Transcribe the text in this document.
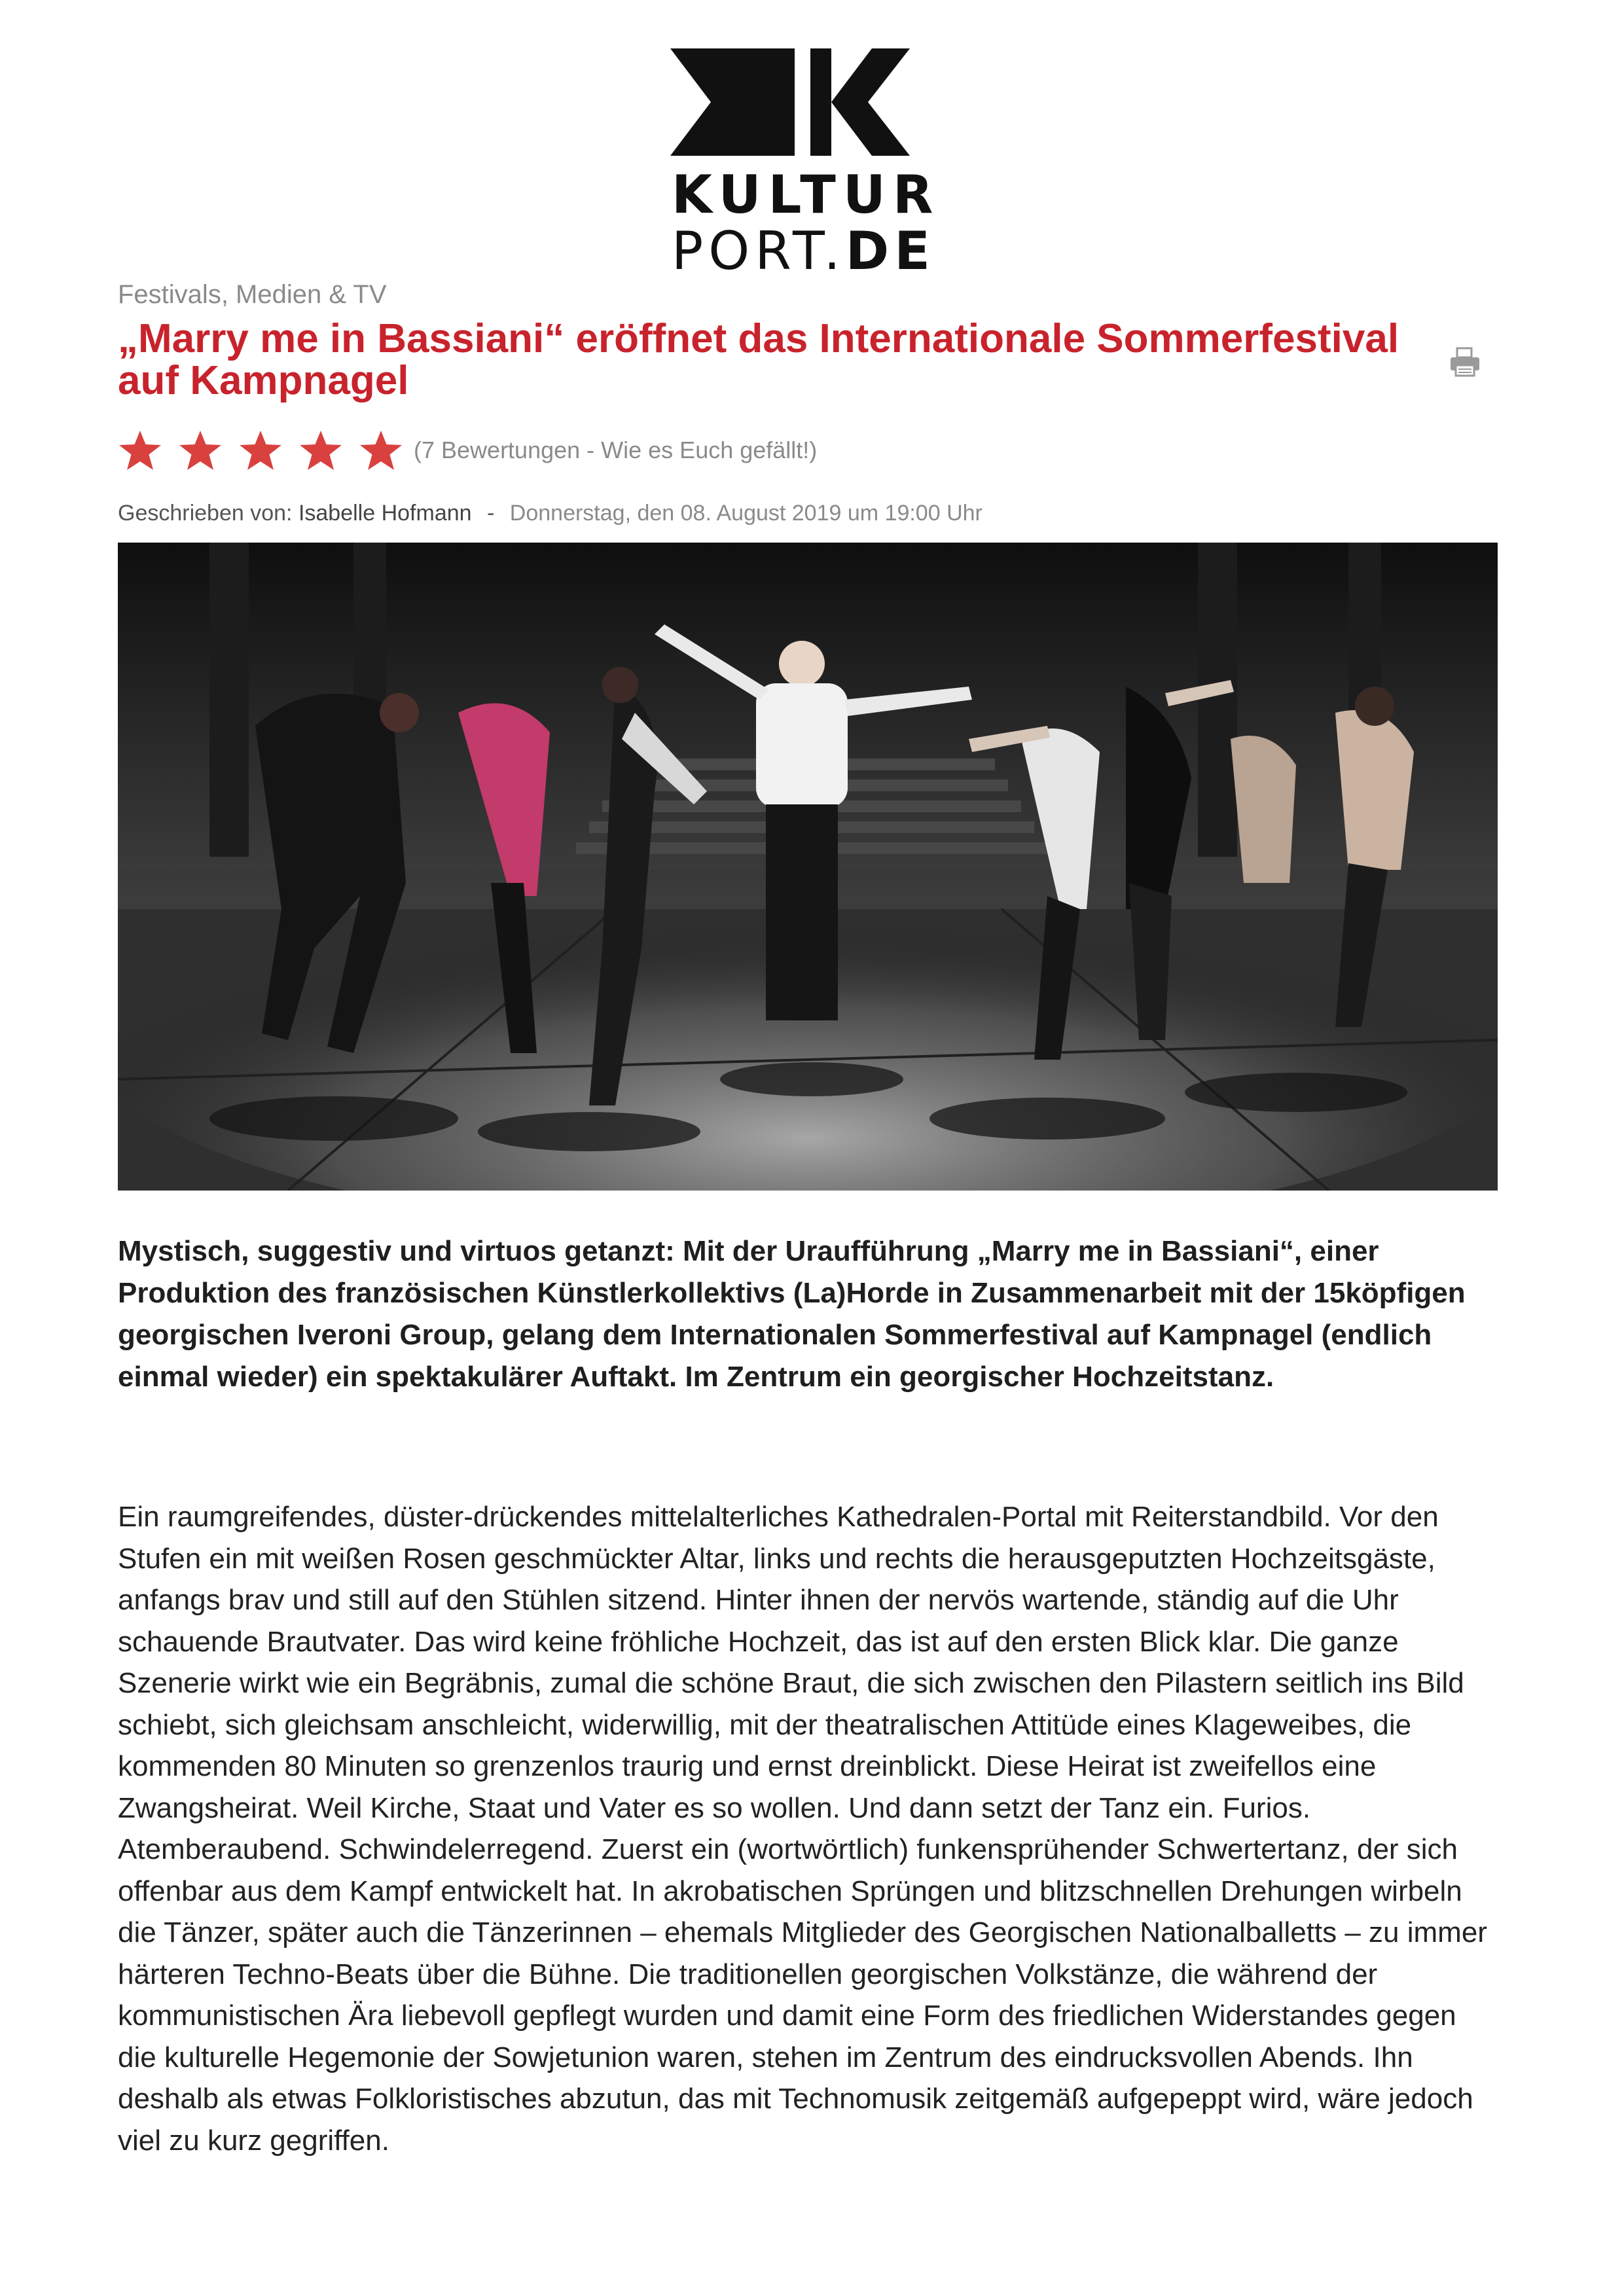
KULTUR
PORT.DE
Festivals, Medien & TV
„Marry me in Bassiani“ eröffnet das Internationale Sommerfestival auf Kampnagel
(7 Bewertungen - Wie es Euch gefällt!)
Geschrieben von: Isabelle Hofmann - Donnerstag, den 08. August 2019 um 19:00 Uhr

Mystisch, suggestiv und virtuos getanzt: Mit der Uraufführung „Marry me in Bassiani“, einer Produktion des französischen Künstlerkollektivs (La)Horde in Zusammenarbeit mit der 15köpfigen georgischen Iveroni Group, gelang dem Internationalen Sommerfestival auf Kampnagel (endlich einmal wieder) ein spektakulärer Auftakt. Im Zentrum ein georgischer Hochzeitstanz.

Ein raumgreifendes, düster-drückendes mittelalterliches Kathedralen-Portal mit Reiterstandbild. Vor den Stufen ein mit weißen Rosen geschmückter Altar, links und rechts die herausgeputzten Hochzeitsgäste, anfangs brav und still auf den Stühlen sitzend. Hinter ihnen der nervös wartende, ständig auf die Uhr schauende Brautvater. Das wird keine fröhliche Hochzeit, das ist auf den ersten Blick klar. Die ganze Szenerie wirkt wie ein Begräbnis, zumal die schöne Braut, die sich zwischen den Pilastern seitlich ins Bild schiebt, sich gleichsam anschleicht, widerwillig, mit der theatralischen Attitüde eines Klageweibes, die kommenden 80 Minuten so grenzenlos traurig und ernst dreinblickt. Diese Heirat ist zweifellos eine Zwangsheirat. Weil Kirche, Staat und Vater es so wollen. Und dann setzt der Tanz ein. Furios. Atemberaubend. Schwindelerregend. Zuerst ein (wortwörtlich) funkensprühender Schwertertanz, der sich offenbar aus dem Kampf entwickelt hat. In akrobatischen Sprüngen und blitzschnellen Drehungen wirbeln die Tänzer, später auch die Tänzerinnen – ehemals Mitglieder des Georgischen Nationalballetts – zu immer härteren Techno-Beats über die Bühne. Die traditionellen georgischen Volkstänze, die während der kommunistischen Ära liebevoll gepflegt wurden und damit eine Form des friedlichen Widerstandes gegen die kulturelle Hegemonie der Sowjetunion waren, stehen im Zentrum des eindrucksvollen Abends. Ihn deshalb als etwas Folkloristisches abzutun, das mit Technomusik zeitgemäß aufgepeppt wird, wäre jedoch viel zu kurz gegriffen.
